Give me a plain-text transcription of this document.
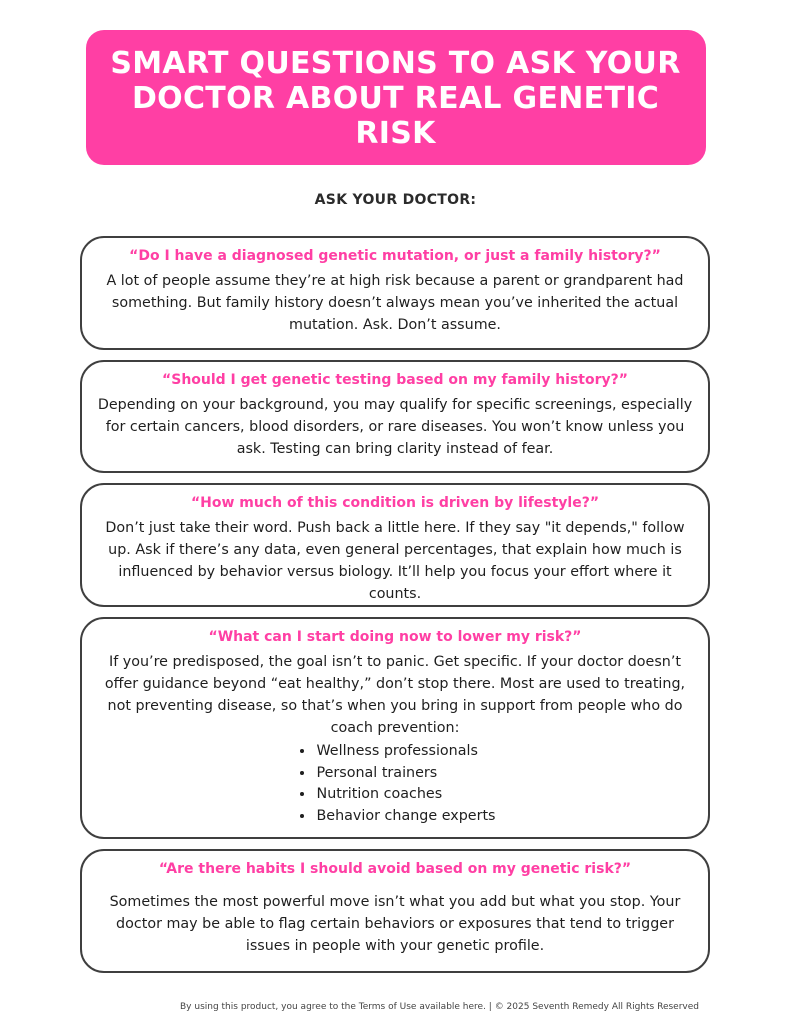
SMART QUESTIONS TO ASK YOUR DOCTOR ABOUT REAL GENETIC RISK
ASK YOUR DOCTOR:
“Do I have a diagnosed genetic mutation, or just a family history?”
A lot of people assume they’re at high risk because a parent or grandparent had something. But family history doesn’t always mean you’ve inherited the actual mutation. Ask. Don’t assume.
“Should I get genetic testing based on my family history?”
Depending on your background, you may qualify for specific screenings, especially for certain cancers, blood disorders, or rare diseases. You won’t know unless you ask. Testing can bring clarity instead of fear.
“How much of this condition is driven by lifestyle?”
Don’t just take their word. Push back a little here. If they say "it depends," follow up. Ask if there’s any data, even general percentages, that explain how much is influenced by behavior versus biology. It’ll help you focus your effort where it counts.
“What can I start doing now to lower my risk?”
If you’re predisposed, the goal isn’t to panic. Get specific. If your doctor doesn’t offer guidance beyond “eat healthy,” don’t stop there. Most are used to treating, not preventing disease, so that’s when you bring in support from people who do coach prevention:
• Wellness professionals
• Personal trainers
• Nutrition coaches
• Behavior change experts
“Are there habits I should avoid based on my genetic risk?”
Sometimes the most powerful move isn’t what you add but what you stop. Your doctor may be able to flag certain behaviors or exposures that tend to trigger issues in people with your genetic profile.
By using this product, you agree to the Terms of Use available here. | © 2025 Seventh Remedy All Rights Reserved
